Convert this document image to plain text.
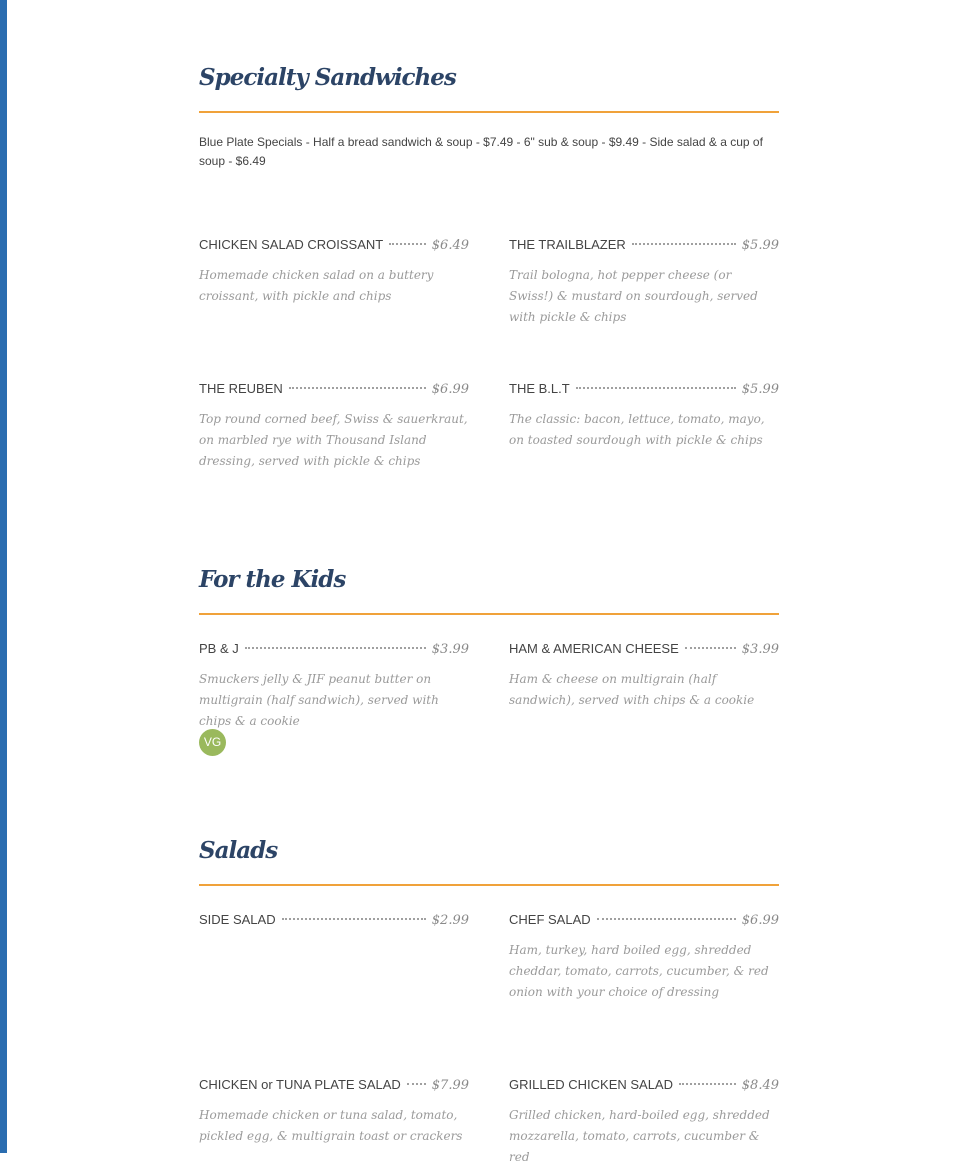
Specialty Sandwiches

Blue Plate Specials - Half a bread sandwich & soup - $7.49 - 6" sub & soup - $9.49 - Side salad & a cup of soup - $6.49

CHICKEN SALAD CROISSANT	$6.49
Homemade chicken salad on a buttery croissant, with pickle and chips
THE TRAILBLAZER	$5.99
Trail bologna, hot pepper cheese (or Swiss!) & mustard on sourdough, served with pickle & chips
THE REUBEN	$6.99
Top round corned beef, Swiss & sauerkraut, on marbled rye with Thousand Island dressing, served with pickle & chips
THE B.L.T	$5.99
The classic: bacon, lettuce, tomato, mayo, on toasted sourdough with pickle & chips
For the Kids
PB & J	$3.99
Smuckers jelly & JIF peanut butter on multigrain (half sandwich), served with chips & a cookie
VG
HAM & AMERICAN CHEESE	$3.99
Ham & cheese on multigrain (half sandwich), served with chips & a cookie
Salads
SIDE SALAD	$2.99	CHEF SALAD	$6.99
Ham, turkey, hard boiled egg, shredded cheddar, tomato, carrots, cucumber, & red onion with your choice of dressing
CHICKEN or TUNA PLATE SALAD $7.99
Homemade chicken or tuna salad, tomato, pickled egg, & multigrain toast or crackers
GRILLED CHICKEN SALAD	$8.49
Grilled chicken, hard-boiled egg, shredded mozzarella, tomato, carrots, cucumber & red
